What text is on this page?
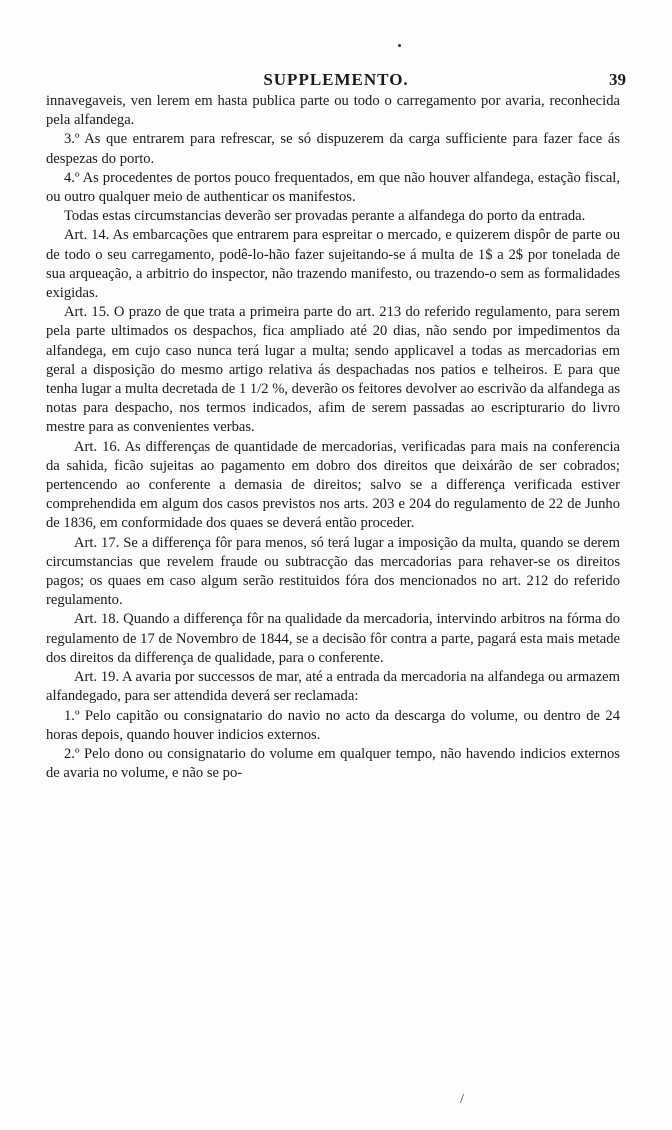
SUPPLEMENTO.	39

innavegaveis, ven lerem em hasta publica parte ou todo o carregamento por avaria, reconhecida pela alfandega.

3.º As que entrarem para refrescar, se só dispuzerem da carga sufficiente para fazer face ás despezas do porto.

4.º As procedentes de portos pouco frequentados, em que não houver alfandega, estação fiscal, ou outro qualquer meio de authenticar os manifestos.

Todas estas circumstancias deverão ser provadas perante a alfandega do porto da entrada.

Art. 14. As embarcações que entrarem para espreitar o mercado, e quizerem dispôr de parte ou de todo o seu carregamento, podê-lo-hão fazer sujeitando-se á multa de 1$ a 2$ por tonelada de sua arqueação, a arbitrio do inspector, não trazendo manifesto, ou trazendo-o sem as formalidades exigidas.

Art. 15. O prazo de que trata a primeira parte do art. 213 do referido regulamento, para serem pela parte ultimados os despachos, fica ampliado até 20 dias, não sendo por impedimentos da alfandega, em cujo caso nunca terá lugar a multa; sendo applicavel a todas as mercadorias em geral a disposição do mesmo artigo relativa ás despachadas nos patios e telheiros. E para que tenha lugar a multa decretada de 1 1/2 %, deverão os feitores devolver ao escrivão da alfandega as notas para despacho, nos termos indicados, afim de serem passadas ao escripturario do livro mestre para as convenientes verbas.

Art. 16. As differenças de quantidade de mercadorias, verificadas para mais na conferencia da sahida, ficão sujeitas ao pagamento em dobro dos direitos que deixárão de ser cobrados; pertencendo ao conferente a demasia de direitos; salvo se a differença verificada estiver comprehendida em algum dos casos previstos nos arts. 203 e 204 do regulamento de 22 de Junho de 1836, em conformidade dos quaes se deverá então proceder.

Art. 17. Se a differença fôr para menos, só terá lugar a imposição da multa, quando se derem circumstancias que revelem fraude ou subtracção das mercadorias para rehaver-se os direitos pagos; os quaes em caso algum serão restituidos fóra dos mencionados no art. 212 do referido regulamento.

Art. 18. Quando a differença fôr na qualidade da mercadoria, intervindo arbitros na fórma do regulamento de 17 de Novembro de 1844, se a decisão fôr contra a parte, pagará esta mais metade dos direitos da differença de qualidade, para o conferente.

Art. 19. A avaria por successos de mar, até a entrada da mercadoria na alfandega ou armazem alfandegado, para ser attendida deverá ser reclamada:

1.º Pelo capitão ou consignatario do navio no acto da descarga do volume, ou dentro de 24 horas depois, quando houver indicios externos.

2.º Pelo dono ou consignatario do volume em qualquer tempo, não havendo indicios externos de avaria no volume, e não se po-

/
